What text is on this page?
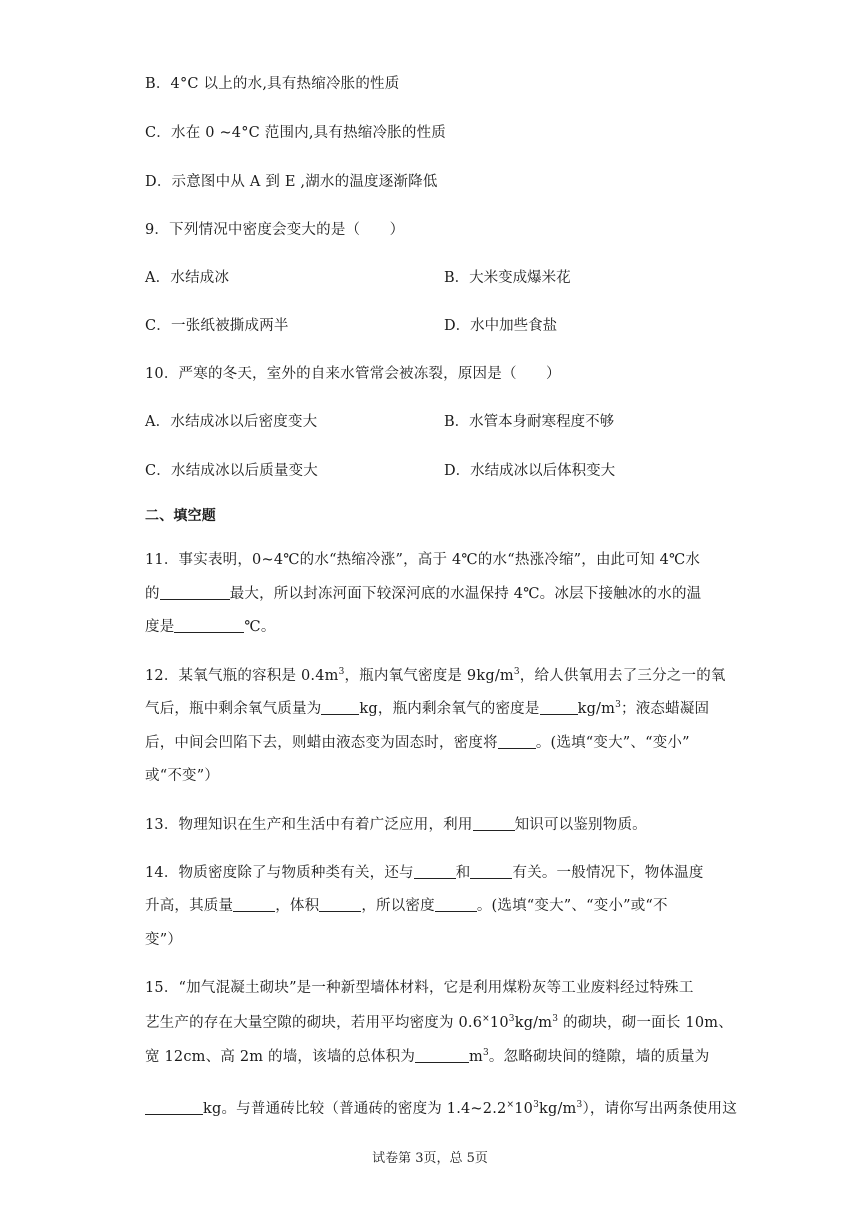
B．4°C 以上的水,具有热缩冷胀的性质
C．水在 0 ~4°C 范围内,具有热缩冷胀的性质
D．示意图中从 A 到 E ,湖水的温度逐渐降低
9．下列情况中密度会变大的是（　　）
A．水结成冰	B．大米变成爆米花
C．一张纸被撕成两半	D．水中加些食盐
10．严寒的冬天，室外的自来水管常会被冻裂，原因是（　　）
A．水结成冰以后密度变大	B．水管本身耐寒程度不够
C．水结成冰以后质量变大	D．水结成冰以后体积变大
二、填空题
11．事实表明，0~4℃的水“热缩冷涨”，高于 4℃的水“热涨冷缩”，由此可知 4℃水
的	最大，所以封冻河面下较深河底的水温保持 4℃。冰层下接触冰的水的温
度是	℃。
12．某氧气瓶的容积是 $0.4m^3$，瓶内氧气密度是 $9kg/m^3$，给人供氧用去了三分之一的氧
气后，瓶中剩余氧气质量为	kg，瓶内剩余氧气的密度是	$kg/m^3$；液态蜡凝固
后，中间会凹陷下去，则蜡由液态变为固态时，密度将	。(选填“变大”、“变小”
或“不变”）
13．物理知识在生产和生活中有着广泛应用，利用	知识可以鉴别物质。
14．物质密度除了与物质种类有关，还与	和	有关。一般情况下，物体温度
升高，其质量	，体积	，所以密度	。(选填“变大”、“变小”或“不
变”）
15．“加气混凝土砌块”是一种新型墙体材料，它是利用煤粉灰等工业废料经过特殊工
艺生产的存在大量空隙的砌块，若用平均密度为 $0.6^\times 10^3kg/m^3$ 的砌块，砌一面长 10m、
宽 12cm、高 2m 的墙，该墙的总体积为	$m^3$。忽略砌块间的缝隙，墙的质量为
kg。与普通砖比较（普通砖的密度为 $1.4\sim 2.2^\times 10^3kg/m^3$），请你写出两条使用这
试卷第 3页，总 5页
